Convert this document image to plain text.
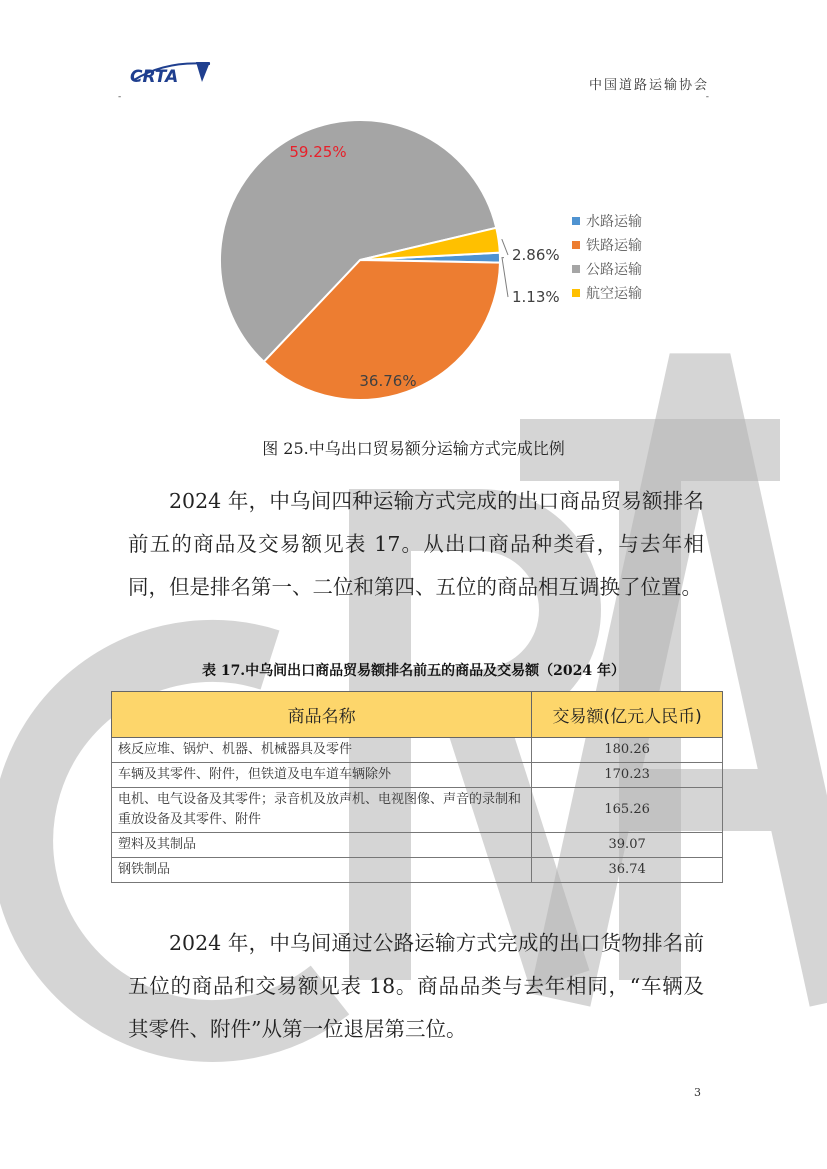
CRTA	中国道路运输协会
-	-
1.13%
36.76%
59.25%
2.86%
水路运输
铁路运输
公路运输
航空运输
图 25.中乌出口贸易额分运输方式完成比例
2024 年，中乌间四种运输方式完成的出口商品贸易额排名前五的商品及交易额见表 17。从出口商品种类看，与去年相同，但是排名第一、二位和第四、五位的商品相互调换了位置。
表 17.中乌间出口商品贸易额排名前五的商品及交易额（2024 年）
商品名称	交易额(亿元人民币)
核反应堆、锅炉、机器、机械器具及零件	180.26
车辆及其零件、附件，但铁道及电车道车辆除外	170.23
电机、电气设备及其零件；录音机及放声机、电视图像、声音的录制和重放设备及其零件、附件	165.26
塑料及其制品	39.07
钢铁制品	36.74
2024 年，中乌间通过公路运输方式完成的出口货物排名前五位的商品和交易额见表 18。商品品类与去年相同，“车辆及其零件、附件”从第一位退居第三位。
3
